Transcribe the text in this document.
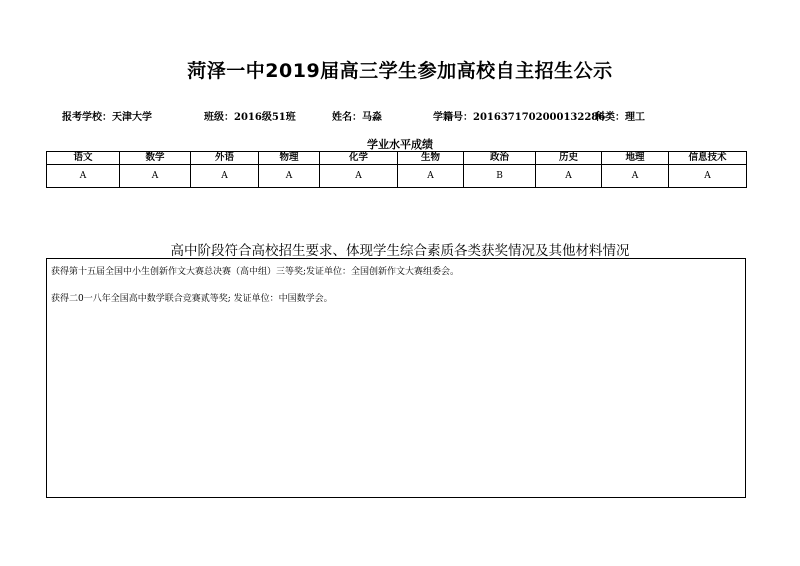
菏泽一中2019届高三学生参加高校自主招生公示
报考学校：天津大学	班级：2016级51班	姓名：马淼	学籍号：2016371702000132286
科类：理工
学业水平成绩
语文	数学	外语	物理	化学	生物	政治	历史	地理	信息技术
A	A	A	A	A	A	B	A	A	A
高中阶段符合高校招生要求、体现学生综合素质各类获奖情况及其他材料情况
获得第十五届全国中小生创新作文大赛总决赛（高中组）三等奖;发证单位：全国创新作文大赛组委会。
获得二0一八年全国高中数学联合竞赛贰等奖; 发证单位：中国数学会。
